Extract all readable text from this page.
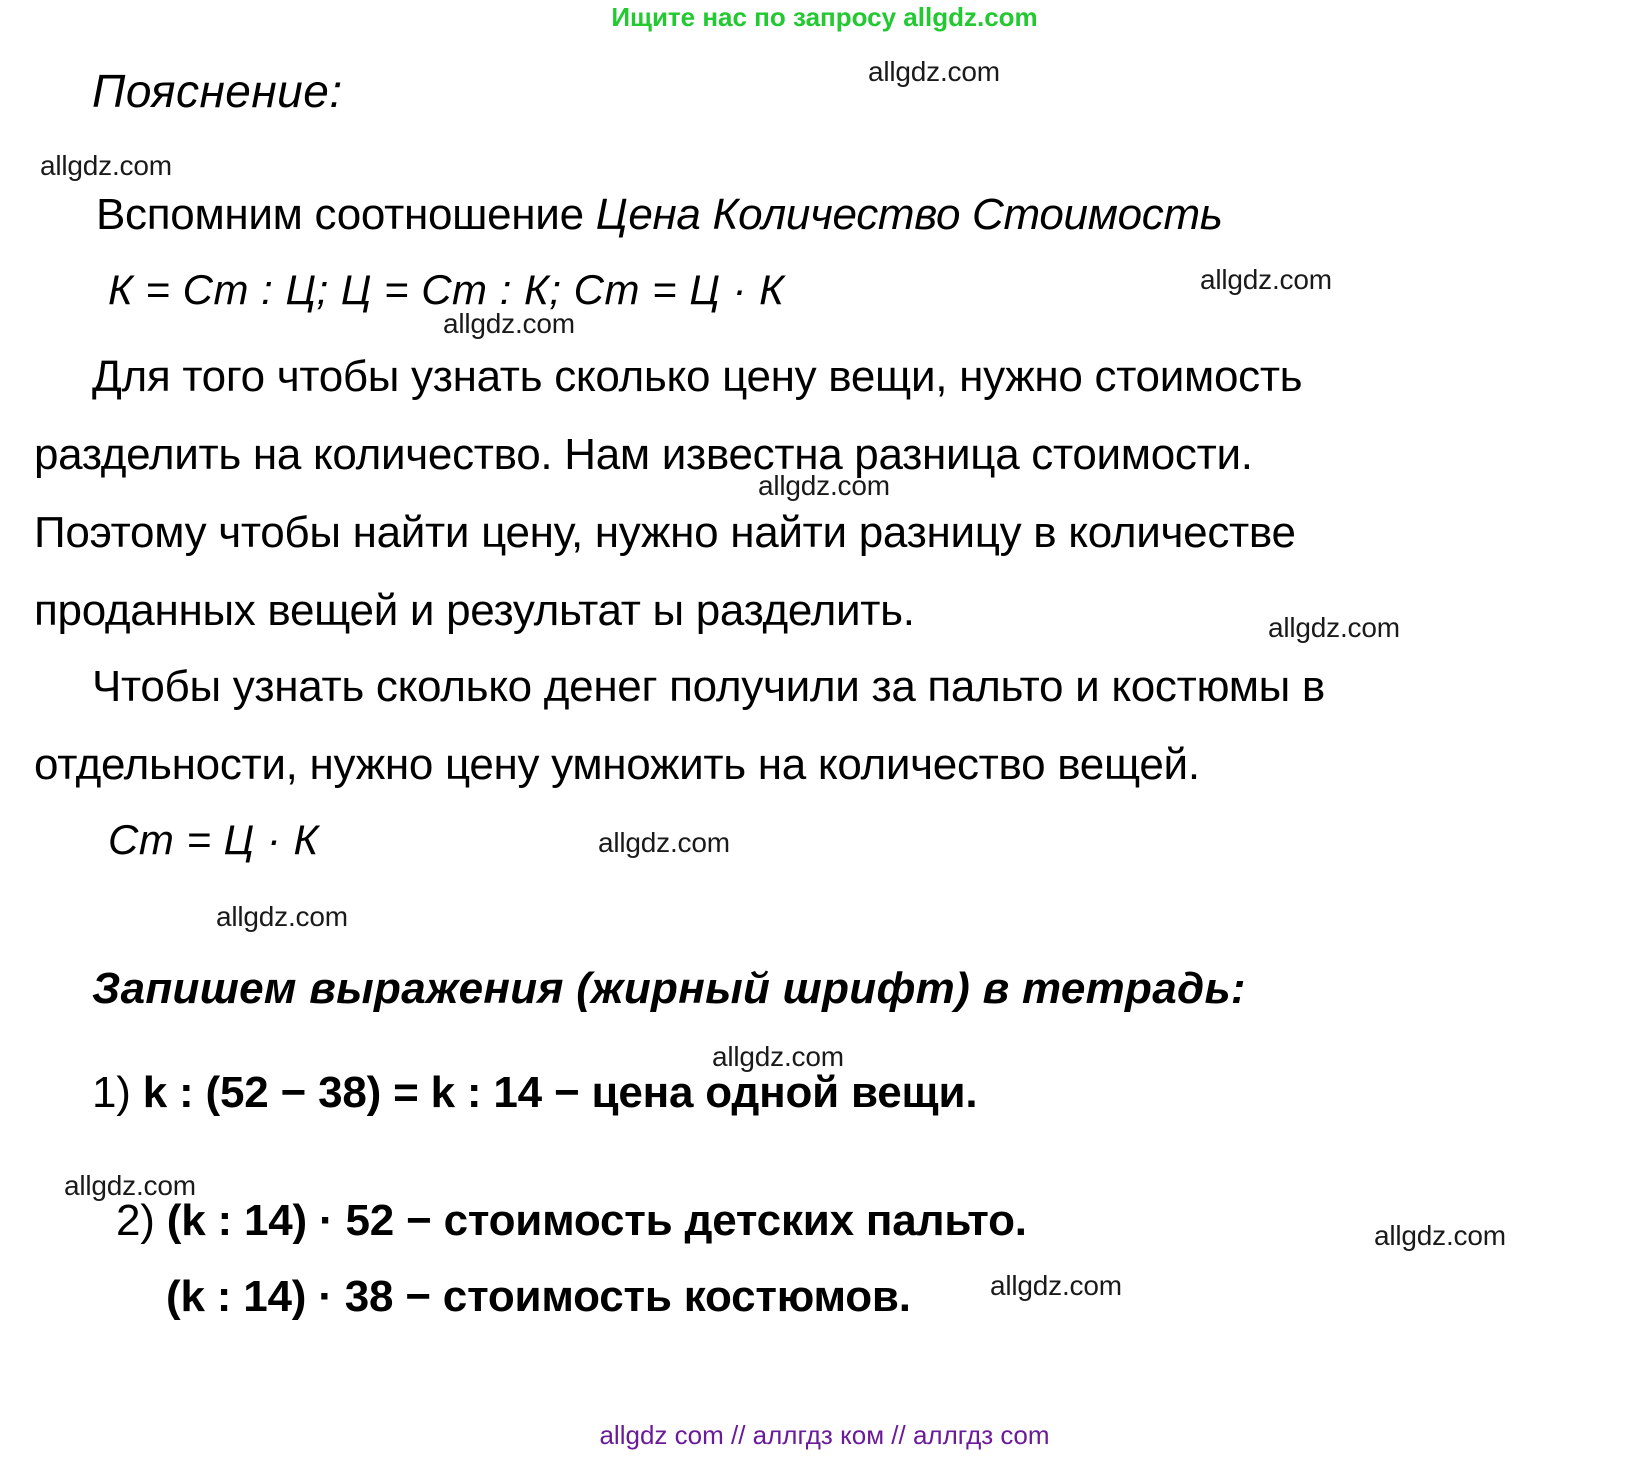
Ищите нас по запросу allgdz.com
allgdz.com
allgdz.com
allgdz.com
allgdz.com
allgdz.com
allgdz.com
allgdz.com
allgdz.com
allgdz.com
allgdz.com
allgdz.com
allgdz.com
Пояснение:
Вспомним соотношение Цена Количество Стоимость
К = Ст : Ц; Ц = Ст : К; Ст = Ц · К
Для того чтобы узнать сколько цену вещи, нужно стоимость
разделить на количество. Нам известна разница стоимости.
Поэтому чтобы найти цену, нужно найти разницу в количестве
проданных вещей и результат ы разделить.
Чтобы узнать сколько денег получили за пальто и костюмы в
отдельности, нужно цену умножить на количество вещей.
Ст = Ц · К
Запишем выражения (жирный шрифт) в тетрадь:
1) k : (52 − 38) = k : 14 − цена одной вещи.
2) (k : 14) · 52 − стоимость детских пальто.
(k : 14) · 38 − стоимость костюмов.
allgdz com // аллгдз ком // аллгдз com
